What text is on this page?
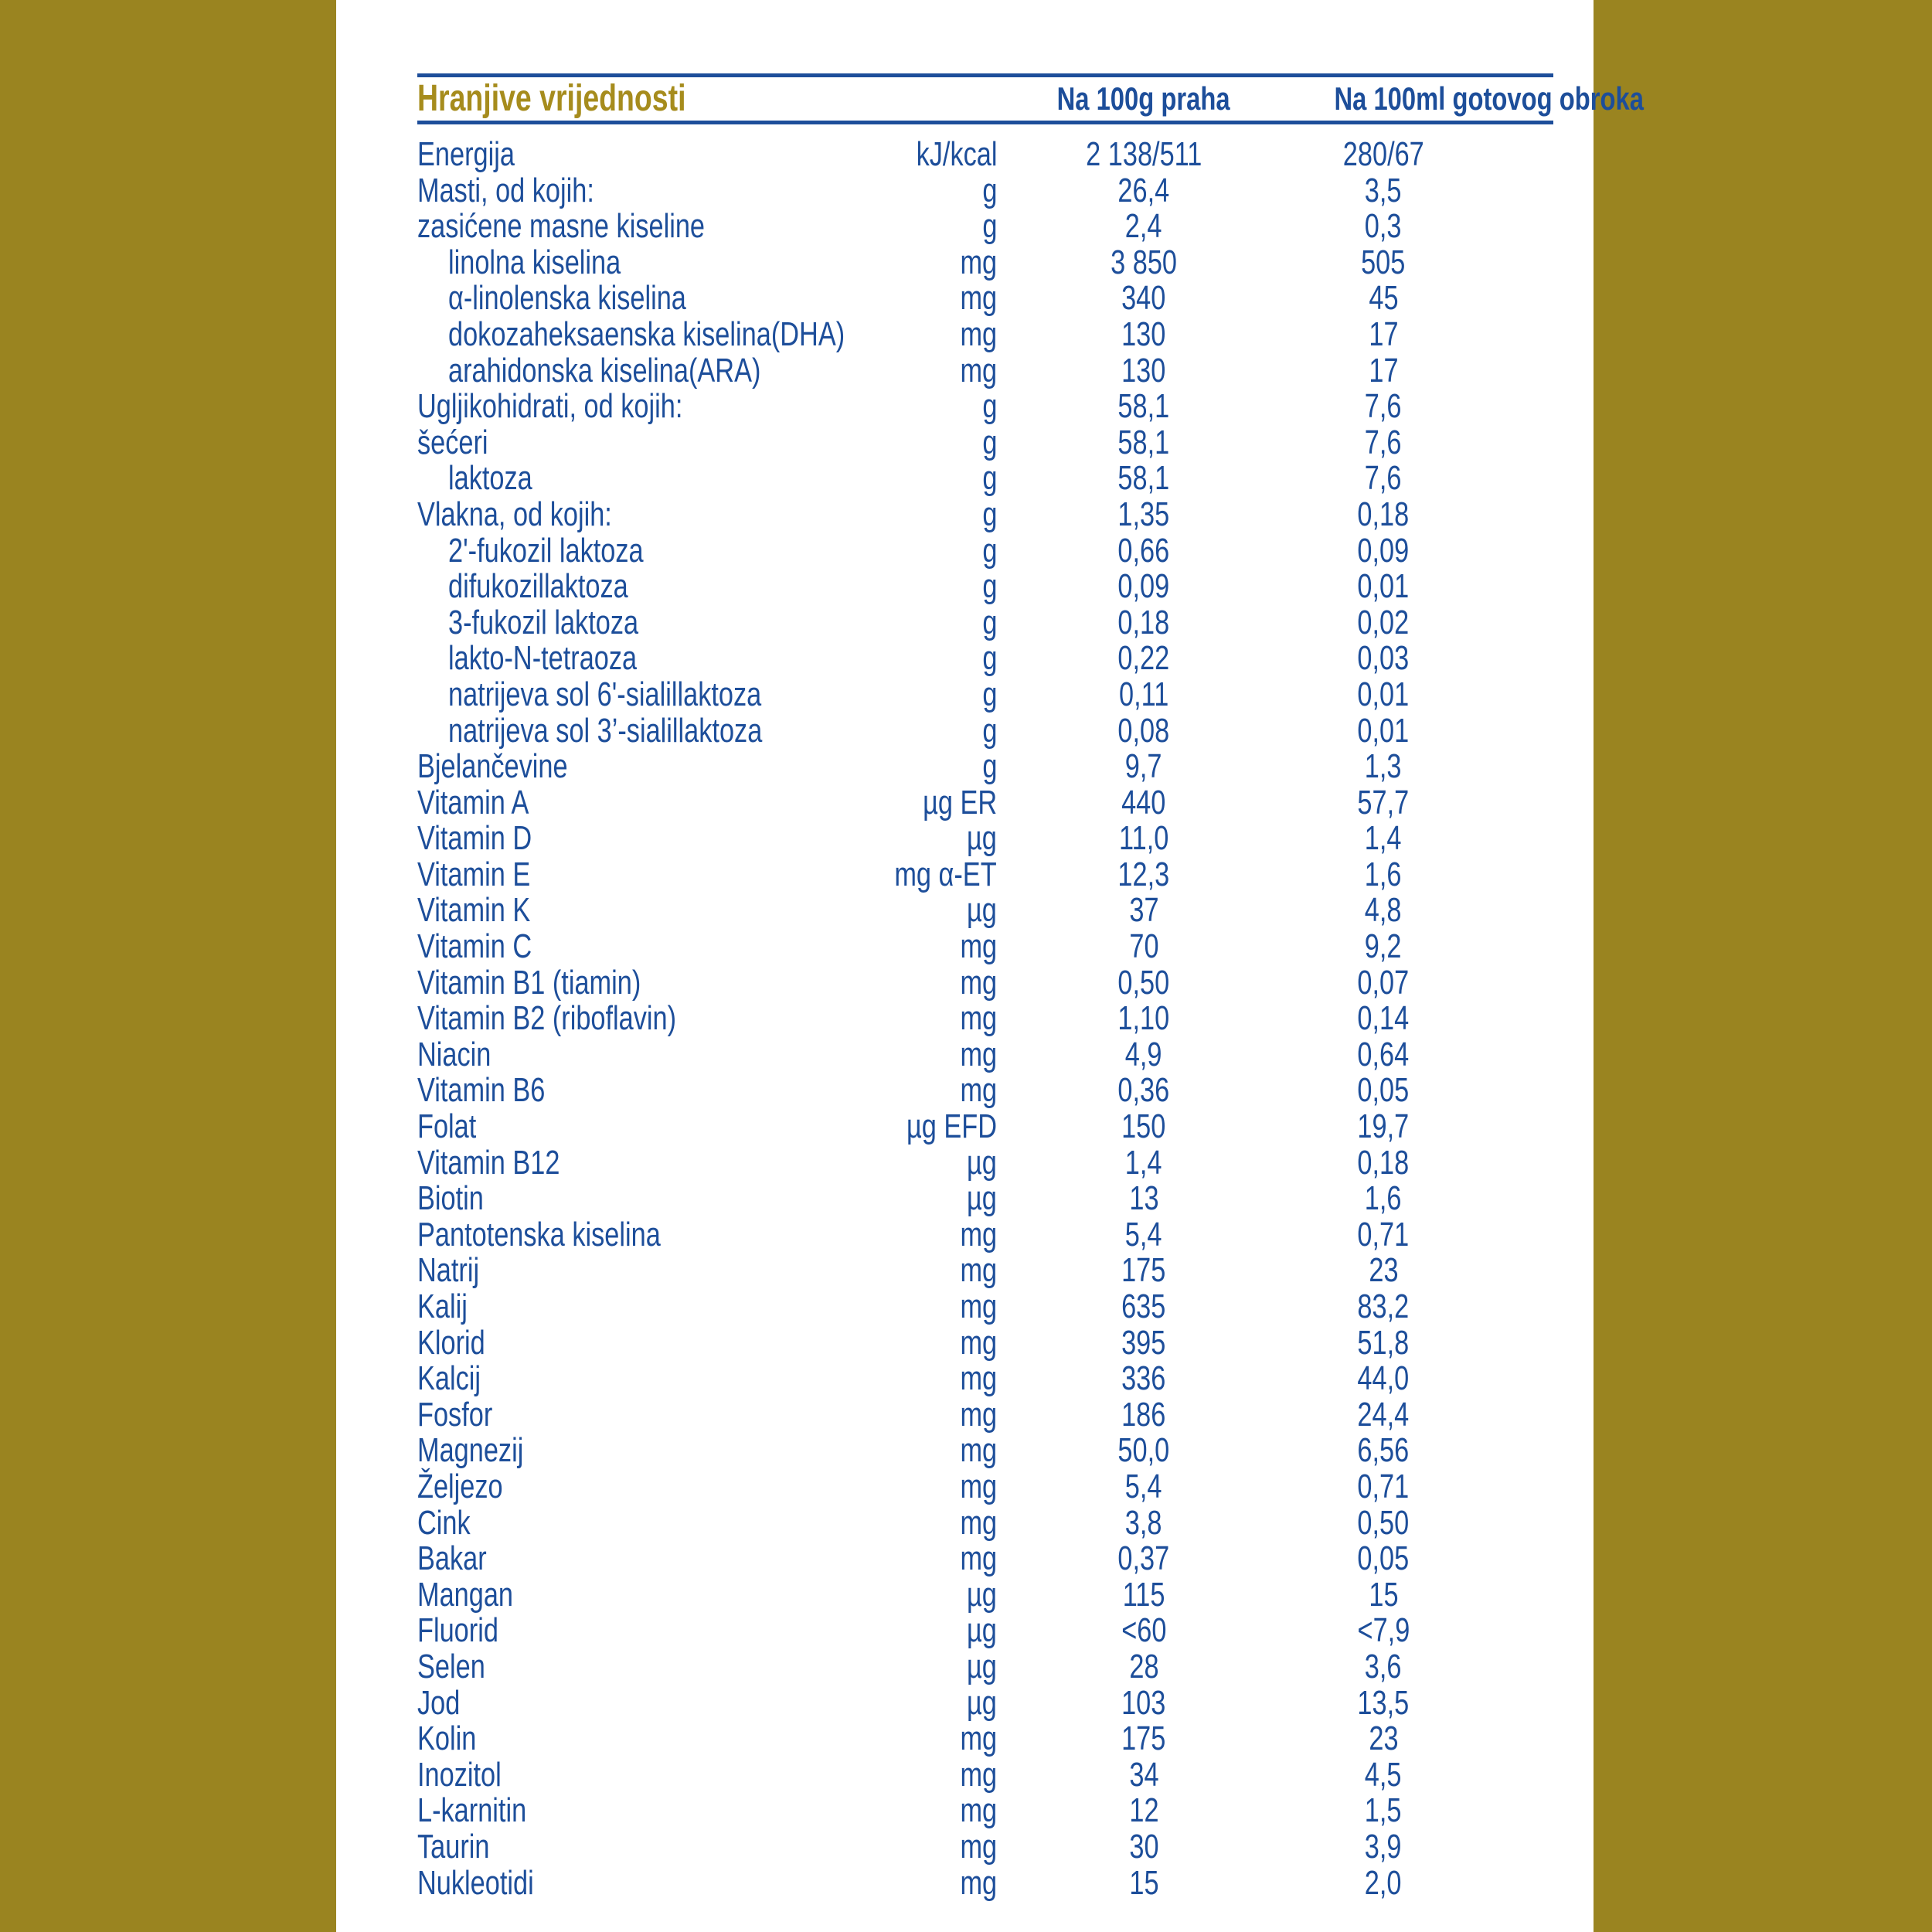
Hranjive vrijednosti	Na 100g praha	Na 100ml gotovog obroka
Energija	kJ/kcal	2 138/511	280/67
Masti, od kojih:	g	26,4	3,5
zasićene masne kiseline	g	2,4	0,3
linolna kiselina	mg	3 850	505
α-linolenska kiselina	mg	340	45
dokozaheksaenska kiselina(DHA)	mg	130	17
arahidonska kiselina(ARA)	mg	130	17
Ugljikohidrati, od kojih:	g	58,1	7,6
šećeri	g	58,1	7,6
laktoza	g	58,1	7,6
Vlakna, od kojih:	g	1,35	0,18
2'-fukozil laktoza	g	0,66	0,09
difukozillaktoza	g	0,09	0,01
3-fukozil laktoza	g	0,18	0,02
lakto-N-tetraoza	g	0,22	0,03
natrijeva sol 6'-sialillaktoza	g	0,11	0,01
natrijeva sol 3’-sialillaktoza	g	0,08	0,01
Bjelančevine	g	9,7	1,3
Vitamin A	µg ER	440	57,7
Vitamin D	µg	11,0	1,4
Vitamin E	mg α-ET	12,3	1,6
Vitamin K	µg	37	4,8
Vitamin C	mg	70	9,2
Vitamin B1 (tiamin)	mg	0,50	0,07
Vitamin B2 (riboflavin)	mg	1,10	0,14
Niacin	mg	4,9	0,64
Vitamin B6	mg	0,36	0,05
Folat	µg EFD	150	19,7
Vitamin B12	µg	1,4	0,18
Biotin	µg	13	1,6
Pantotenska kiselina	mg	5,4	0,71
Natrij	mg	175	23
Kalij	mg	635	83,2
Klorid	mg	395	51,8
Kalcij	mg	336	44,0
Fosfor	mg	186	24,4
Magnezij	mg	50,0	6,56
Željezo	mg	5,4	0,71
Cink	mg	3,8	0,50
Bakar	mg	0,37	0,05
Mangan	µg	115	15
Fluorid	µg	<60	<7,9
Selen	µg	28	3,6
Jod	µg	103	13,5
Kolin	mg	175	23
Inozitol	mg	34	4,5
L-karnitin	mg	12	1,5
Taurin	mg	30	3,9
Nukleotidi	mg	15	2,0
